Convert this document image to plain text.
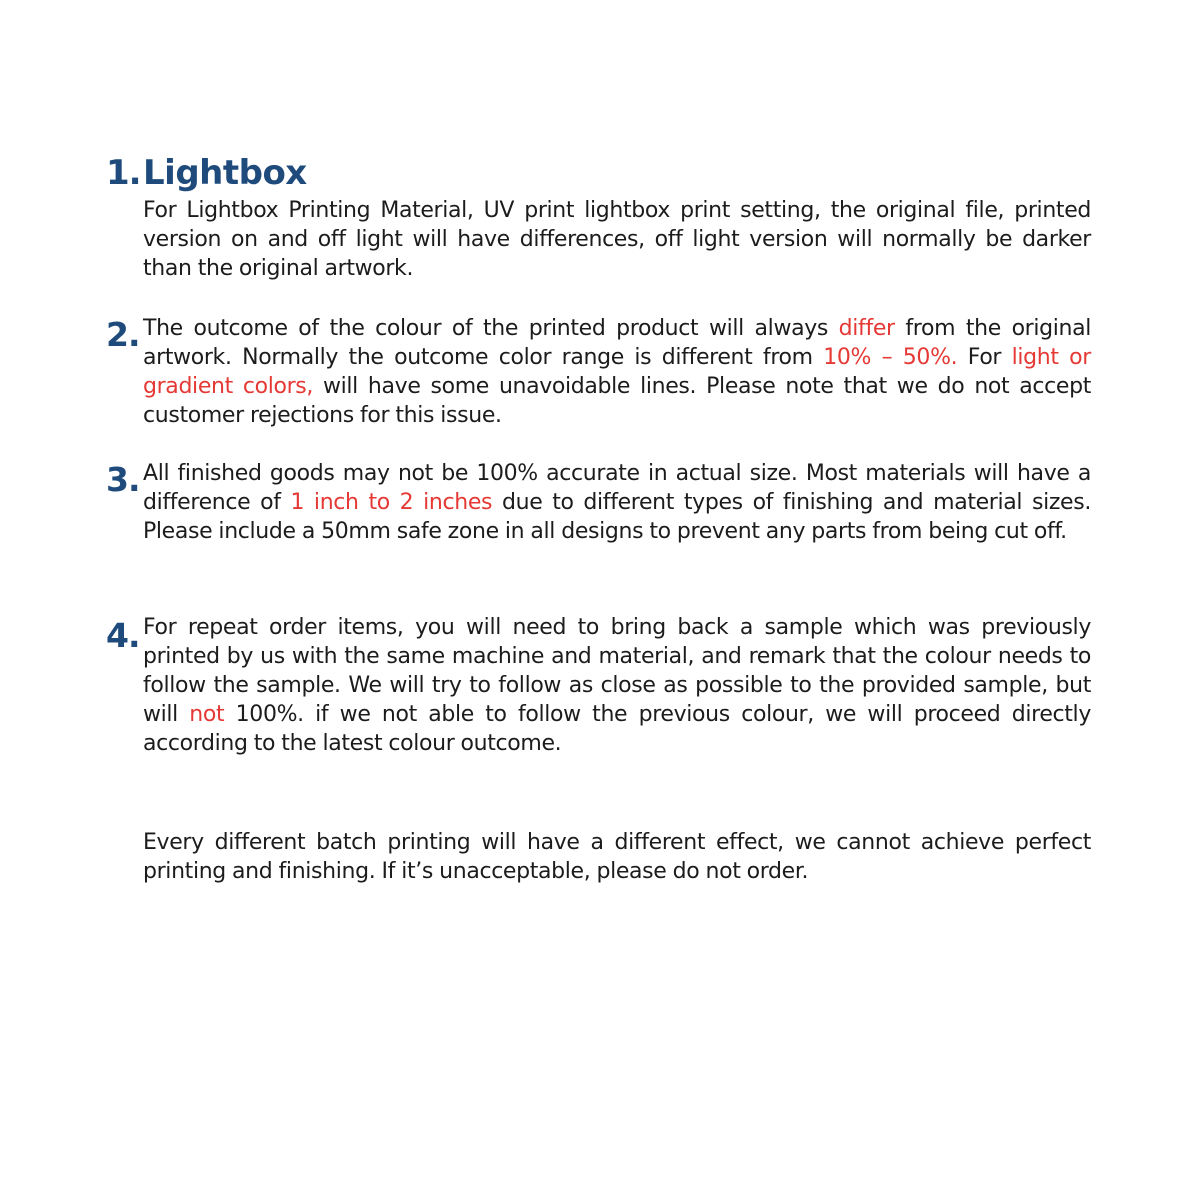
1. Lightbox

For Lightbox Printing Material, UV print lightbox print setting, the original file, printed version on and off light will have differences, off light version will normally be darker than the original artwork.

2. The outcome of the colour of the printed product will always differ from the original artwork. Normally the outcome color range is different from 10% – 50%. For light or gradient colors, will have some unavoidable lines. Please note that we do not accept customer rejections for this issue.

3. All finished goods may not be 100% accurate in actual size. Most materials will have a difference of 1 inch to 2 inches due to different types of finishing and material sizes. Please include a 50mm safe zone in all designs to prevent any parts from being cut off.

4. For repeat order items, you will need to bring back a sample which was previously printed by us with the same machine and material, and remark that the colour needs to follow the sample. We will try to follow as close as possible to the provided sample, but will not 100%. if we not able to follow the previous colour, we will proceed directly according to the latest colour outcome.

Every different batch printing will have a different effect, we cannot achieve perfect printing and finishing. If it’s unacceptable, please do not order.
